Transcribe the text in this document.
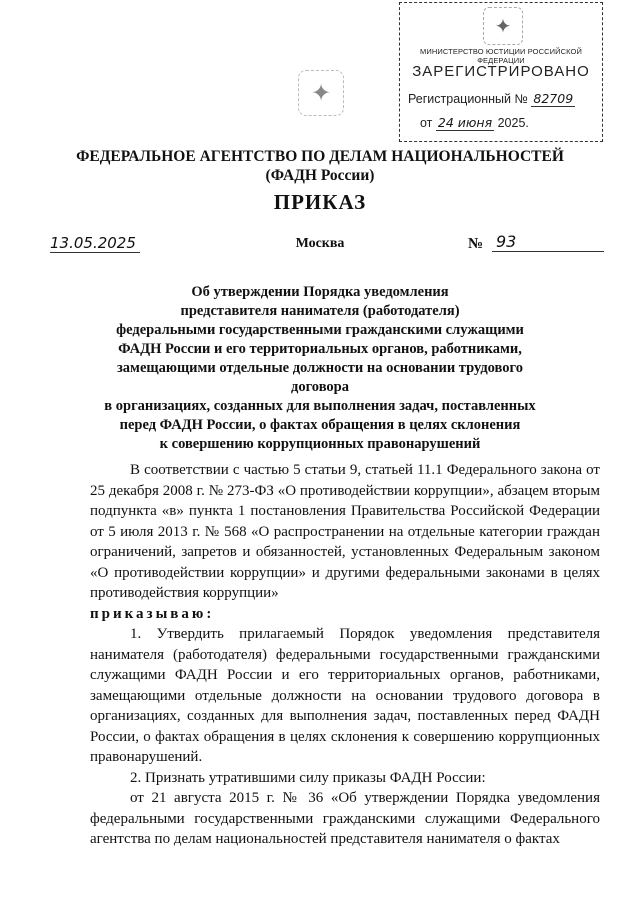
✦
МИНИСТЕРСТВО ЮСТИЦИИ РОССИЙСКОЙ ФЕДЕРАЦИИ
ЗАРЕГИСТРИРОВАНО
Регистрационный № 82709
от 24 июня 2025.
✦
ФЕДЕРАЛЬНОЕ АГЕНТСТВО ПО ДЕЛАМ НАЦИОНАЛЬНОСТЕЙ
(ФАДН России)
ПРИКАЗ
13.05.2025	Москва	№ 93
Об утверждении Порядка уведомления
представителя нанимателя (работодателя)
федеральными государственными гражданскими служащими
ФАДН России и его территориальных органов, работниками,
замещающими отдельные должности на основании трудового договора
в организациях, созданных для выполнения задач, поставленных
перед ФАДН России, о фактах обращения в целях склонения
к совершению коррупционных правонарушений

В соответствии с частью 5 статьи 9, статьей 11.1 Федерального закона от 25 декабря 2008 г. № 273-ФЗ «О противодействии коррупции», абзацем вторым подпункта «в» пункта 1 постановления Правительства Российской Федерации от 5 июля 2013 г. № 568 «О распространении на отдельные категории граждан ограничений, запретов и обязанностей, установленных Федеральным законом «О противодействии коррупции» и другими федеральными законами в целях противодействия коррупции»

приказываю:

1. Утвердить прилагаемый Порядок уведомления представителя нанимателя (работодателя) федеральными государственными гражданскими служащими ФАДН России и его территориальных органов, работниками, замещающими отдельные должности на основании трудового договора в организациях, созданных для выполнения задач, поставленных перед ФАДН России, о фактах обращения в целях склонения к совершению коррупционных правонарушений.

2. Признать утратившими силу приказы ФАДН России:

от 21 августа 2015 г. № 36 «Об утверждении Порядка уведомления федеральными государственными гражданскими служащими Федерального агентства по делам национальностей представителя нанимателя о фактах
